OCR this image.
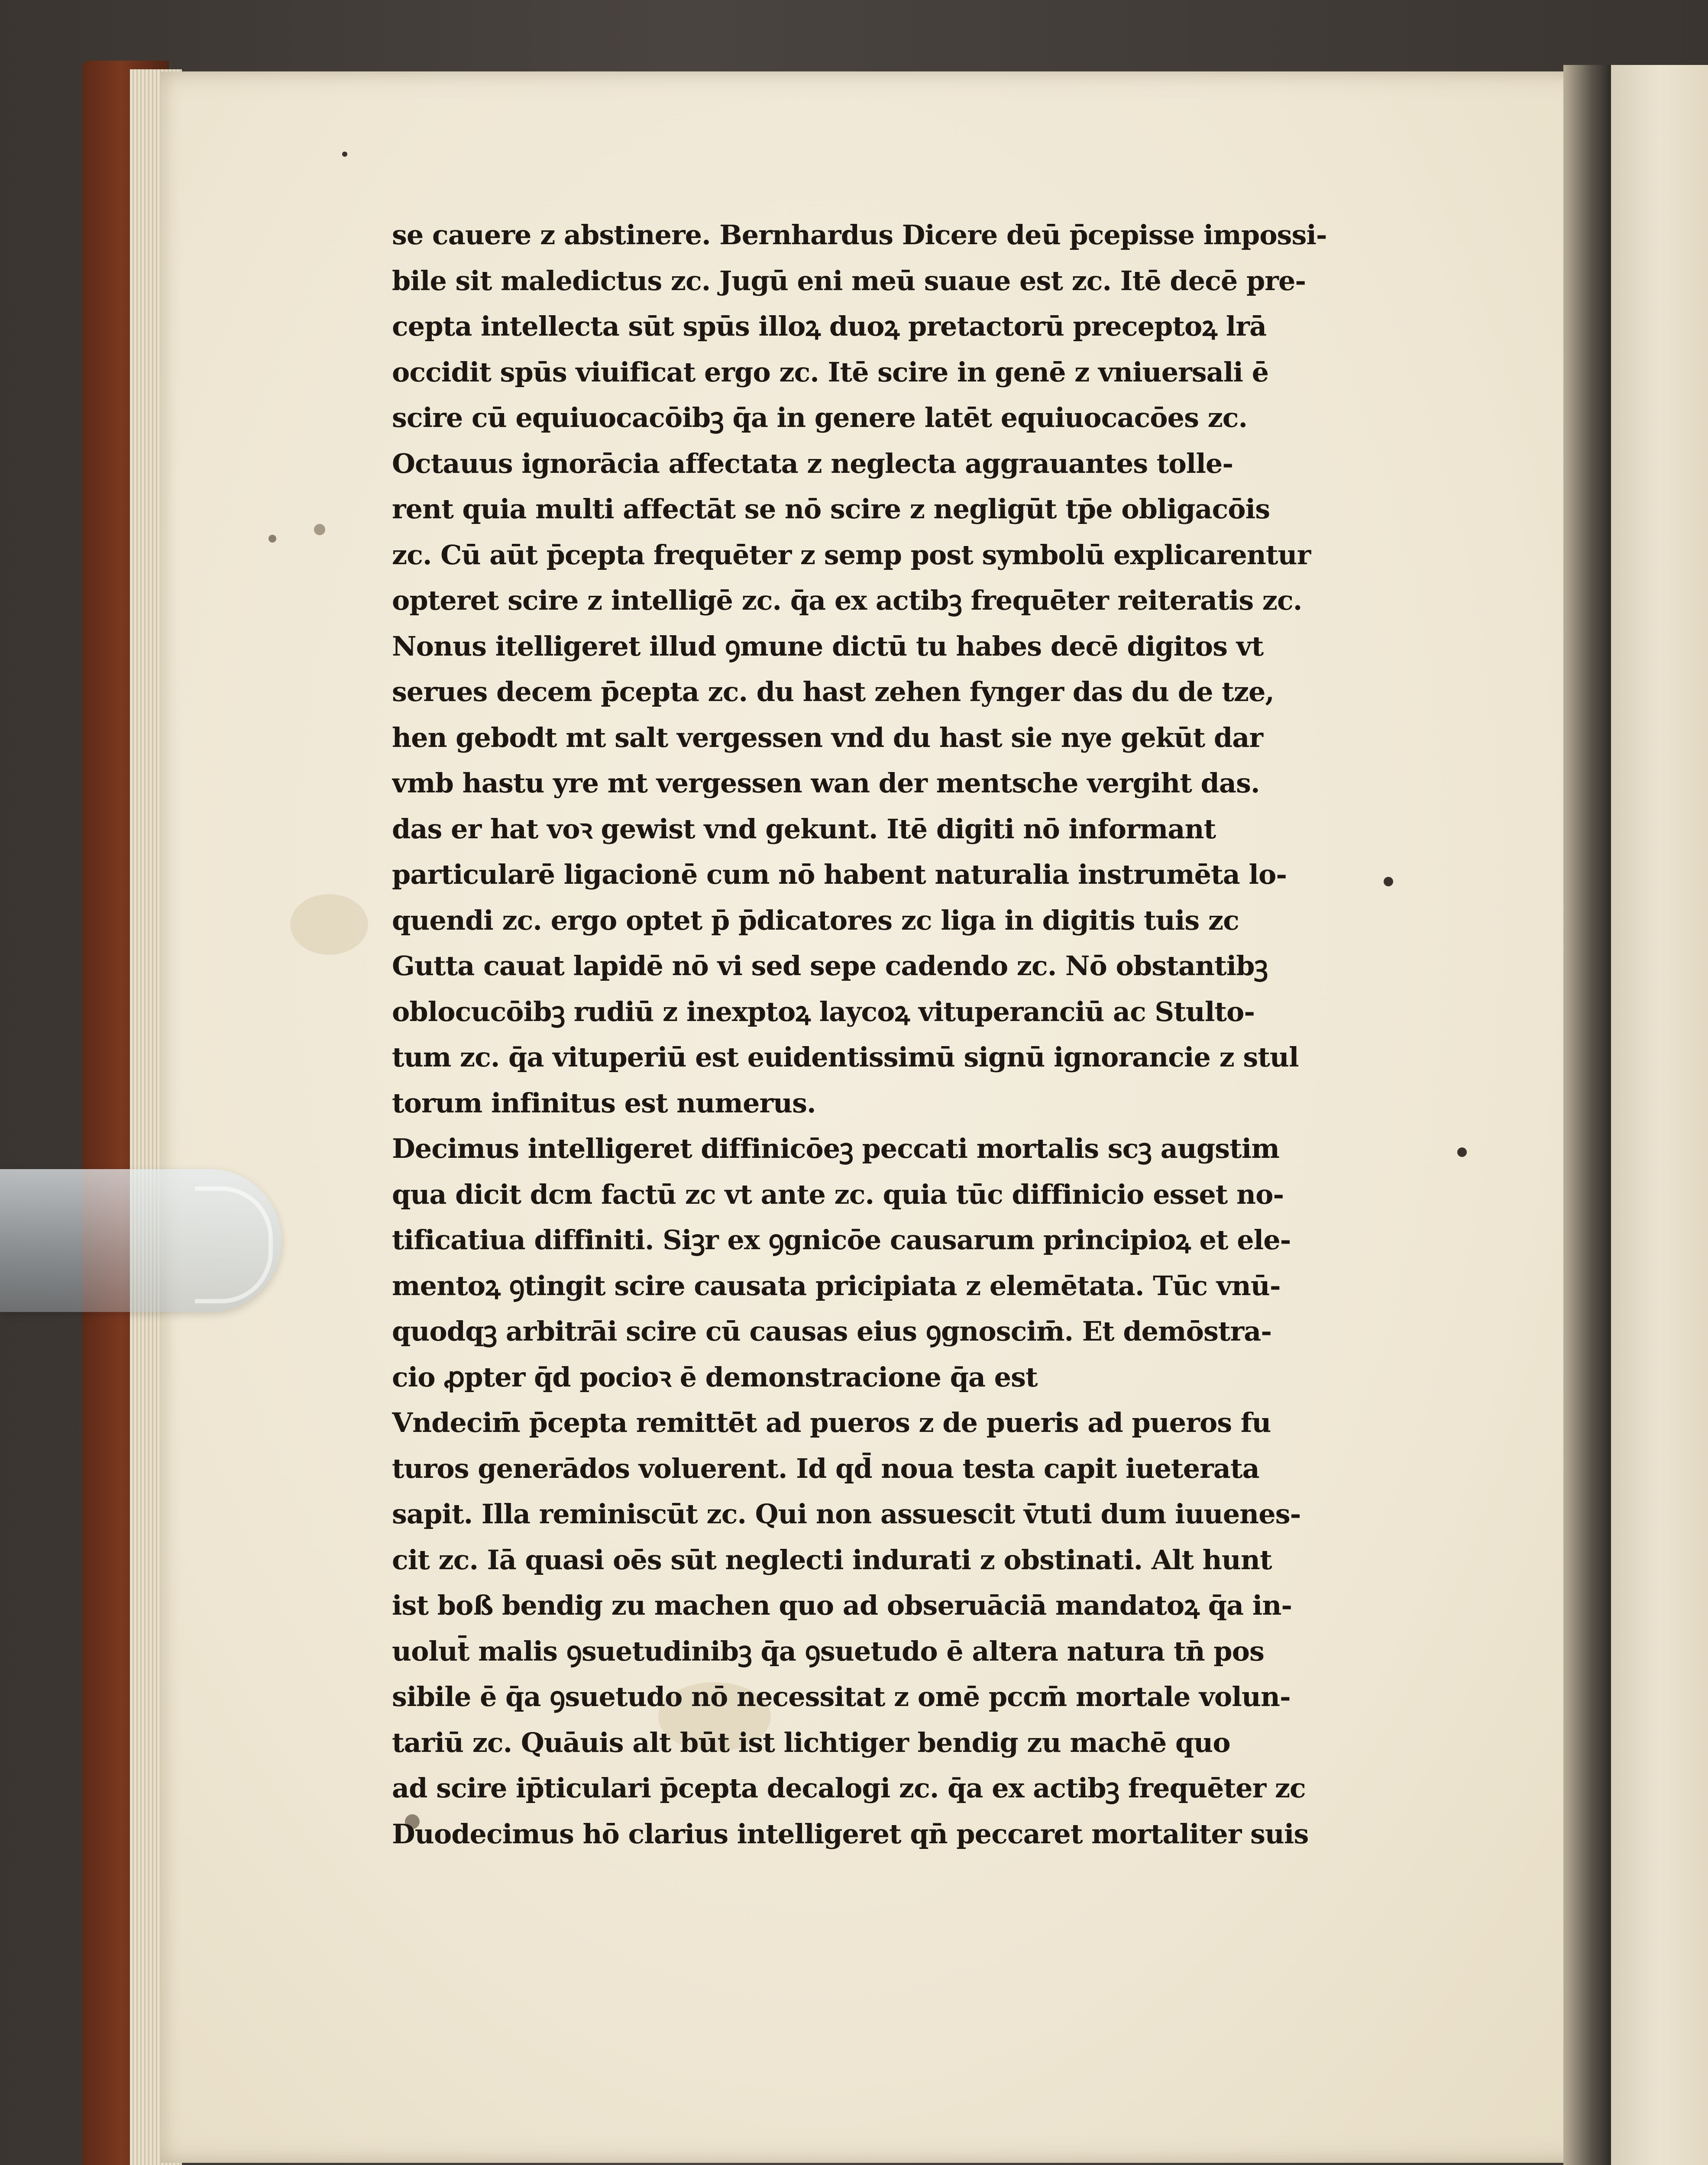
se cauere z abstinere. Bernhardus Dicere deū p̄cepisse impossi-
bile sit maledictus zc. Jugū eni meū suaue est zc. Itē decē pre-
cepta intellecta sūt spūs illoꝝ duoꝝ pretactorū preceptoꝝ lrā
occidit spūs viuificat ergo zc. Itē scire in genē z vniuersali ē
scire cū equiuocacōibꝫ q̄a in genere latēt equiuocacōes zc.
Octauus ignorācia affectata z neglecta aggrauantes tolle-
rent quia multi affectāt se nō scire z negligūt tp̄e obligacōis
zc. Cū aūt p̄cepta frequēter z semp post symbolū explicarentur
opteret scire z intelligē zc. q̄a ex actibꝫ frequēter reiteratis zc.
Nonus itelligeret illud ꝯmune dictū tu habes decē digitos vt
serues decem p̄cepta zc. du hast zehen fynger das du de tze,
hen gebodt mt salt vergessen vnd du hast sie nye gekūt dar
vmb hastu yre mt vergessen wan der mentsche vergiht das.
das er hat voꝛ gewist vnd gekunt. Itē digiti nō informant
particularē ligacionē cum nō habent naturalia instrumēta lo-
quendi zc. ergo optet p̄ p̄dicatores zc liga in digitis tuis zc
Gutta cauat lapidē nō vi sed sepe cadendo zc. Nō obstantibꝫ
oblocucōibꝫ rudiū z inexptoꝝ laycoꝝ vituperanciū ac Stulto-
tum zc. q̄a vituperiū est euidentissimū signū ignorancie z stul
torum infinitus est numerus.
Decimus intelligeret diffinicōeꝫ peccati mortalis scꝫ augstim
qua dicit dcm factū zc vt ante zc. quia tūc diffinicio esset no-
tificatiua diffiniti. Siꝫr ex ꝯgnicōe causarum principioꝝ et ele-
mentoꝝ ꝯtingit scire causata pricipiata z elemētata. Tūc vnū-
quodqꝫ arbitrāi scire cū causas eius ꝯgnoscim̄. Et demōstra-
cio ꝓpter q̄d pocioꝛ ē demonstracione q̄a est
Vndecim̄ p̄cepta remittēt ad pueros z de pueris ad pueros fu
turos generādos voluerent. Id qd̄ noua testa capit iueterata
sapit. Illa reminiscūt zc. Qui non assuescit v̄tuti dum iuuenes-
cit zc. Iā quasi oēs sūt neglecti indurati z obstinati. Alt hunt
ist boß bendig zu machen quo ad obseruāciā mandatoꝝ q̄a in-
uolut̄ malis ꝯsuetudinibꝫ q̄a ꝯsuetudo ē altera natura tn̄ pos
sibile ē q̄a ꝯsuetudo nō necessitat z omē pccm̄ mortale volun-
tariū zc. Quāuis alt būt ist lichtiger bendig zu machē quo
ad scire ip̄ticulari p̄cepta decalogi zc. q̄a ex actibꝫ frequēter zc
Duodecimus hō clarius intelligeret qn̄ peccaret mortaliter suis
